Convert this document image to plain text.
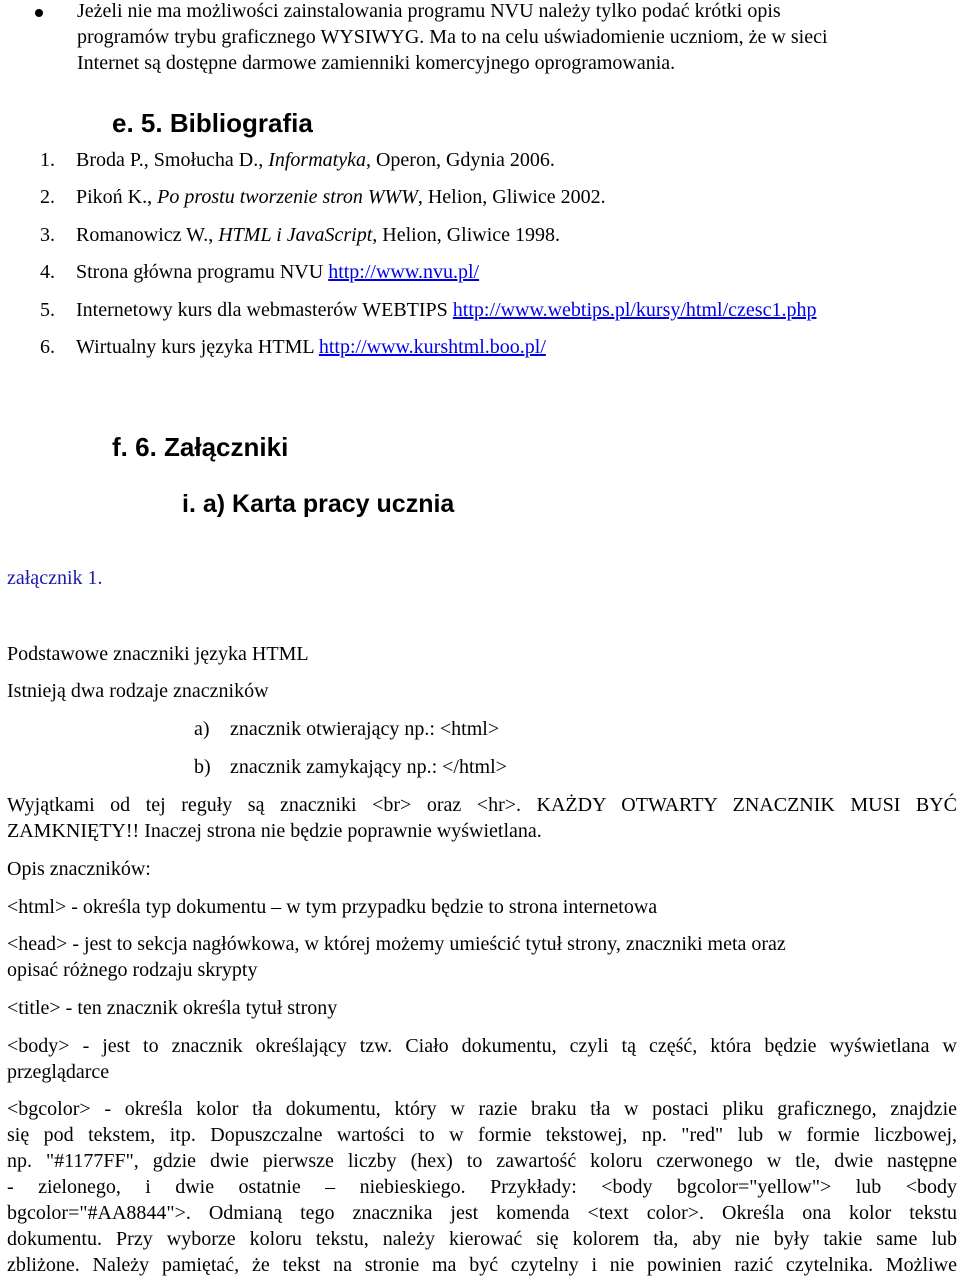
Jeżeli nie ma możliwości zainstalowania programu NVU należy tylko podać krótki opis
programów trybu graficznego WYSIWYG. Ma to na celu uświadomienie uczniom, że w sieci
Internet są dostępne darmowe zamienniki komercyjnego oprogramowania.
e. 5. Bibliografia
1.	Broda P., Smołucha D., Informatyka, Operon, Gdynia 2006.
2.	Pikoń K., Po prostu tworzenie stron WWW, Helion, Gliwice 2002.
3.	Romanowicz W., HTML i JavaScript, Helion, Gliwice 1998.
4.	Strona główna programu NVU http://www.nvu.pl/
5.	Internetowy kurs dla webmasterów WEBTIPS http://www.webtips.pl/kursy/html/czesc1.php
6.	Wirtualny kurs języka HTML http://www.kurshtml.boo.pl/
f. 6. Załączniki
i. a) Karta pracy ucznia
załącznik 1.
Podstawowe znaczniki języka HTML
Istnieją dwa rodzaje znaczników
a) znacznik otwierający np.: <html>
b) znacznik zamykający np.: </html>
Wyjątkami od tej reguły są znaczniki <br> oraz <hr>. KAŻDY OTWARTY ZNACZNIK MUSI BYĆ
ZAMKNIĘTY!! Inaczej strona nie będzie poprawnie wyświetlana.
Opis znaczników:
<html> - określa typ dokumentu – w tym przypadku będzie to strona internetowa
<head> - jest to sekcja nagłówkowa, w której możemy umieścić tytuł strony, znaczniki meta oraz
opisać różnego rodzaju skrypty
<title> - ten znacznik określa tytuł strony
<body> - jest to znacznik określający tzw. Ciało dokumentu, czyli tą część, która będzie wyświetlana w
przeglądarce
<bgcolor> - określa kolor tła dokumentu, który w razie braku tła w postaci pliku graficznego, znajdzie
się pod tekstem, itp. Dopuszczalne wartości to w formie tekstowej, np. "red" lub w formie liczbowej,
np. "#1177FF", gdzie dwie pierwsze liczby (hex) to zawartość koloru czerwonego w tle, dwie następne
- zielonego, i dwie ostatnie – niebieskiego. Przykłady: <body bgcolor="yellow"> lub <body
bgcolor="#AA8844">. Odmianą tego znacznika jest komenda <text color>. Określa ona kolor tekstu
dokumentu. Przy wyborze koloru tekstu, należy kierować się kolorem tła, aby nie były takie same lub
zbliżone. Należy pamiętać, że tekst na stronie ma być czytelny i nie powinien razić czytelnika. Możliwe
